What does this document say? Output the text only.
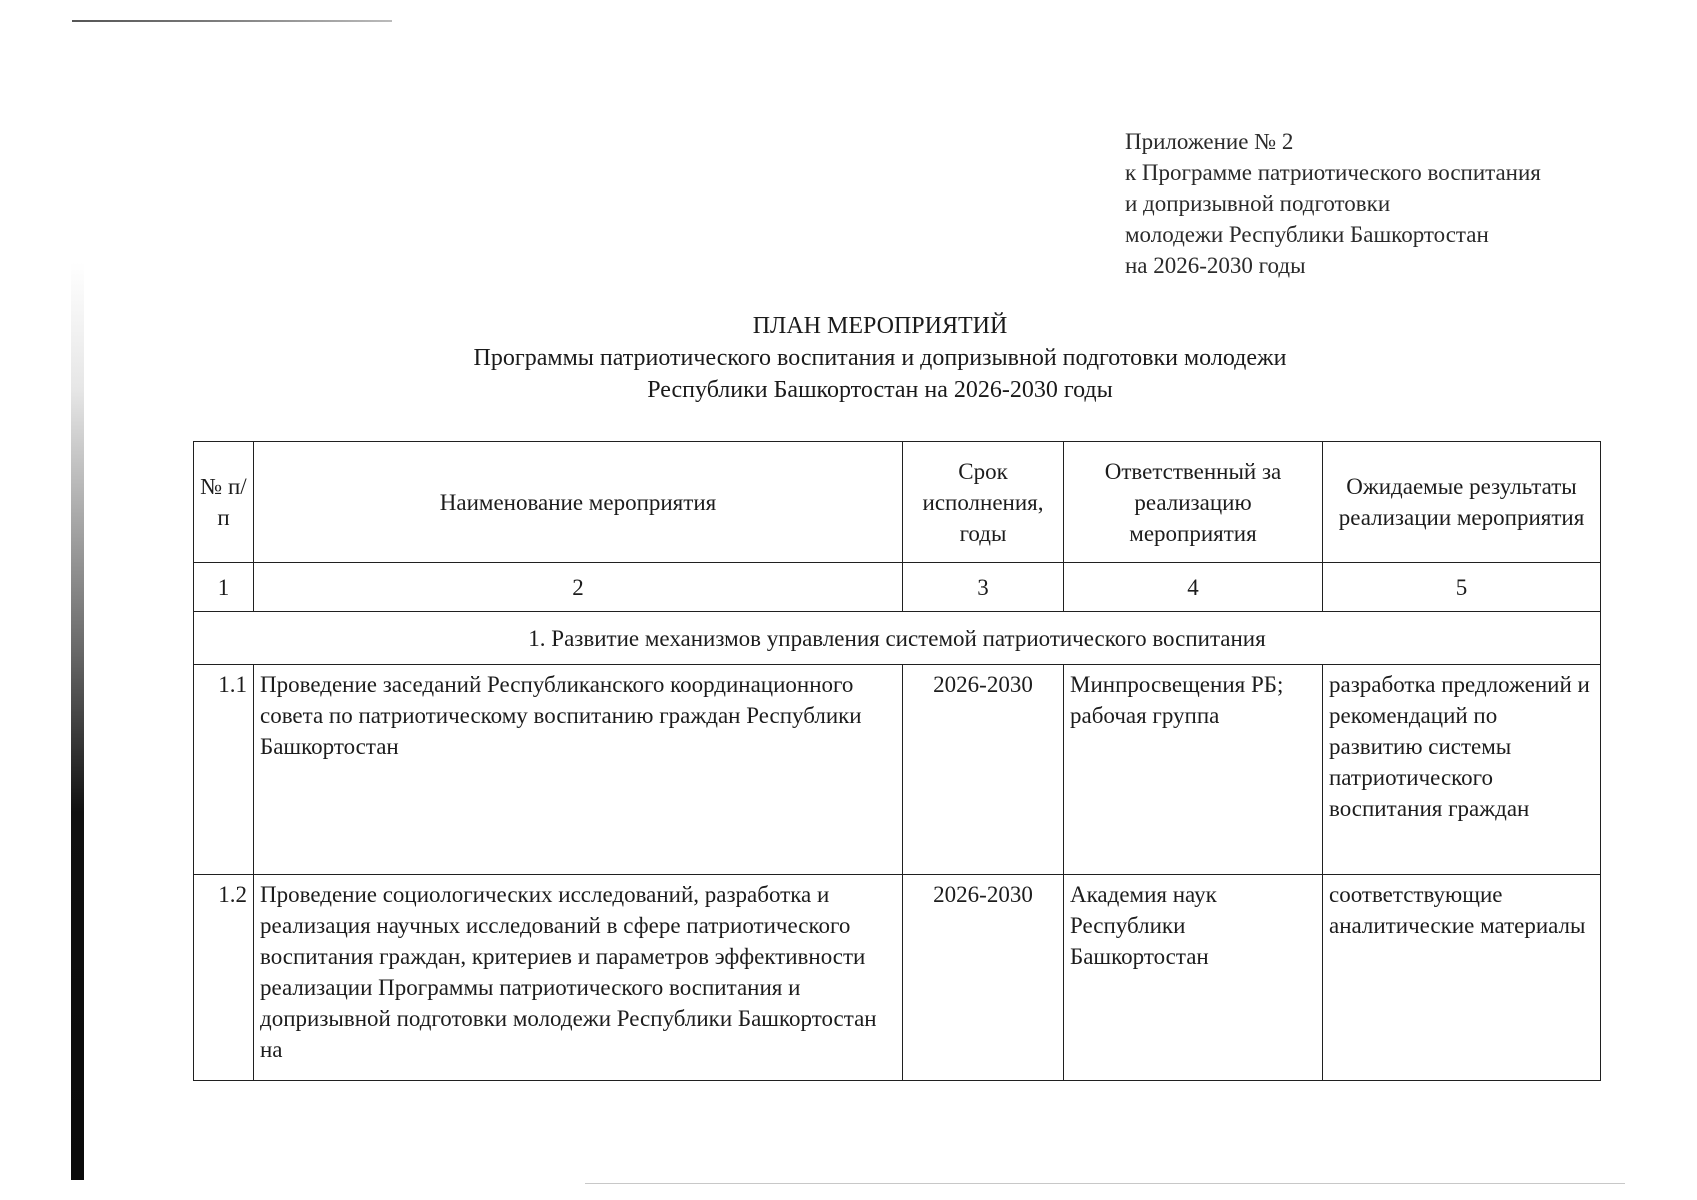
Приложение № 2
к Программе патриотического воспитания
и допризывной подготовки
молодежи Республики Башкортостан
на 2026-2030 годы
ПЛАН МЕРОПРИЯТИЙ
Программы патриотического воспитания и допризывной подготовки молодежи
Республики Башкортостан на 2026-2030 годы
№ п/п	Наименование мероприятия	Срок исполнения, годы	Ответственный за реализацию мероприятия	Ожидаемые результаты реализации мероприятия
1	2	3	4	5
1. Развитие механизмов управления системой патриотического воспитания				
1.1	Проведение заседаний Республиканского координационного совета по патриотическому воспитанию граждан Республики Башкортостан	2026-2030	Минпросвещения РБ; рабочая группа	разработка предложений и рекомендаций по развитию системы патриотического воспитания граждан
1.2	Проведение социологических исследований, разработка и реализация научных исследований в сфере патриотического воспитания граждан, критериев и параметров эффективности реализации Программы патриотического воспитания и допризывной подготовки молодежи Республики Башкортостан на	2026-2030	Академия наук Республики Башкортостан	соответствующие аналитические материалы
